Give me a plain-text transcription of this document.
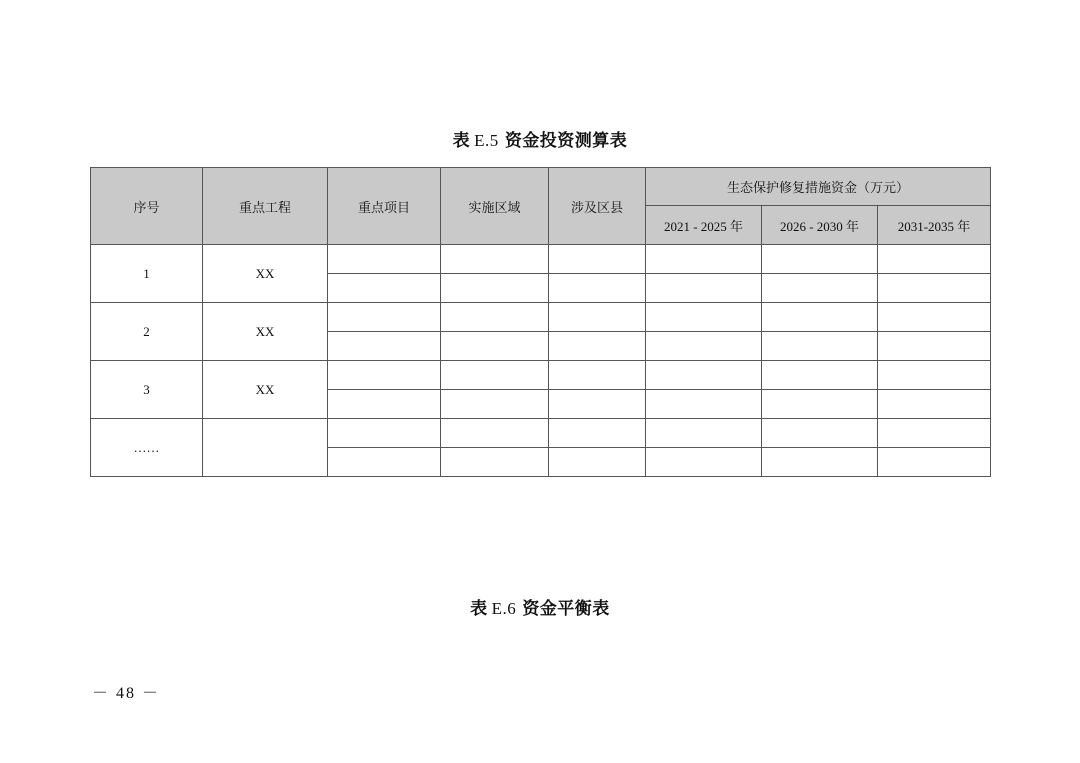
表 E.5 资金投资测算表
序号	重点工程	重点项目	实施区域	涉及区县	生态保护修复措施资金（万元）		
					2021 - 2025 年	2026 - 2030 年	2031-2035 年
1	XX						

2	XX						

3	XX						

……							

表 E.6 资金平衡表
－ 48 －
